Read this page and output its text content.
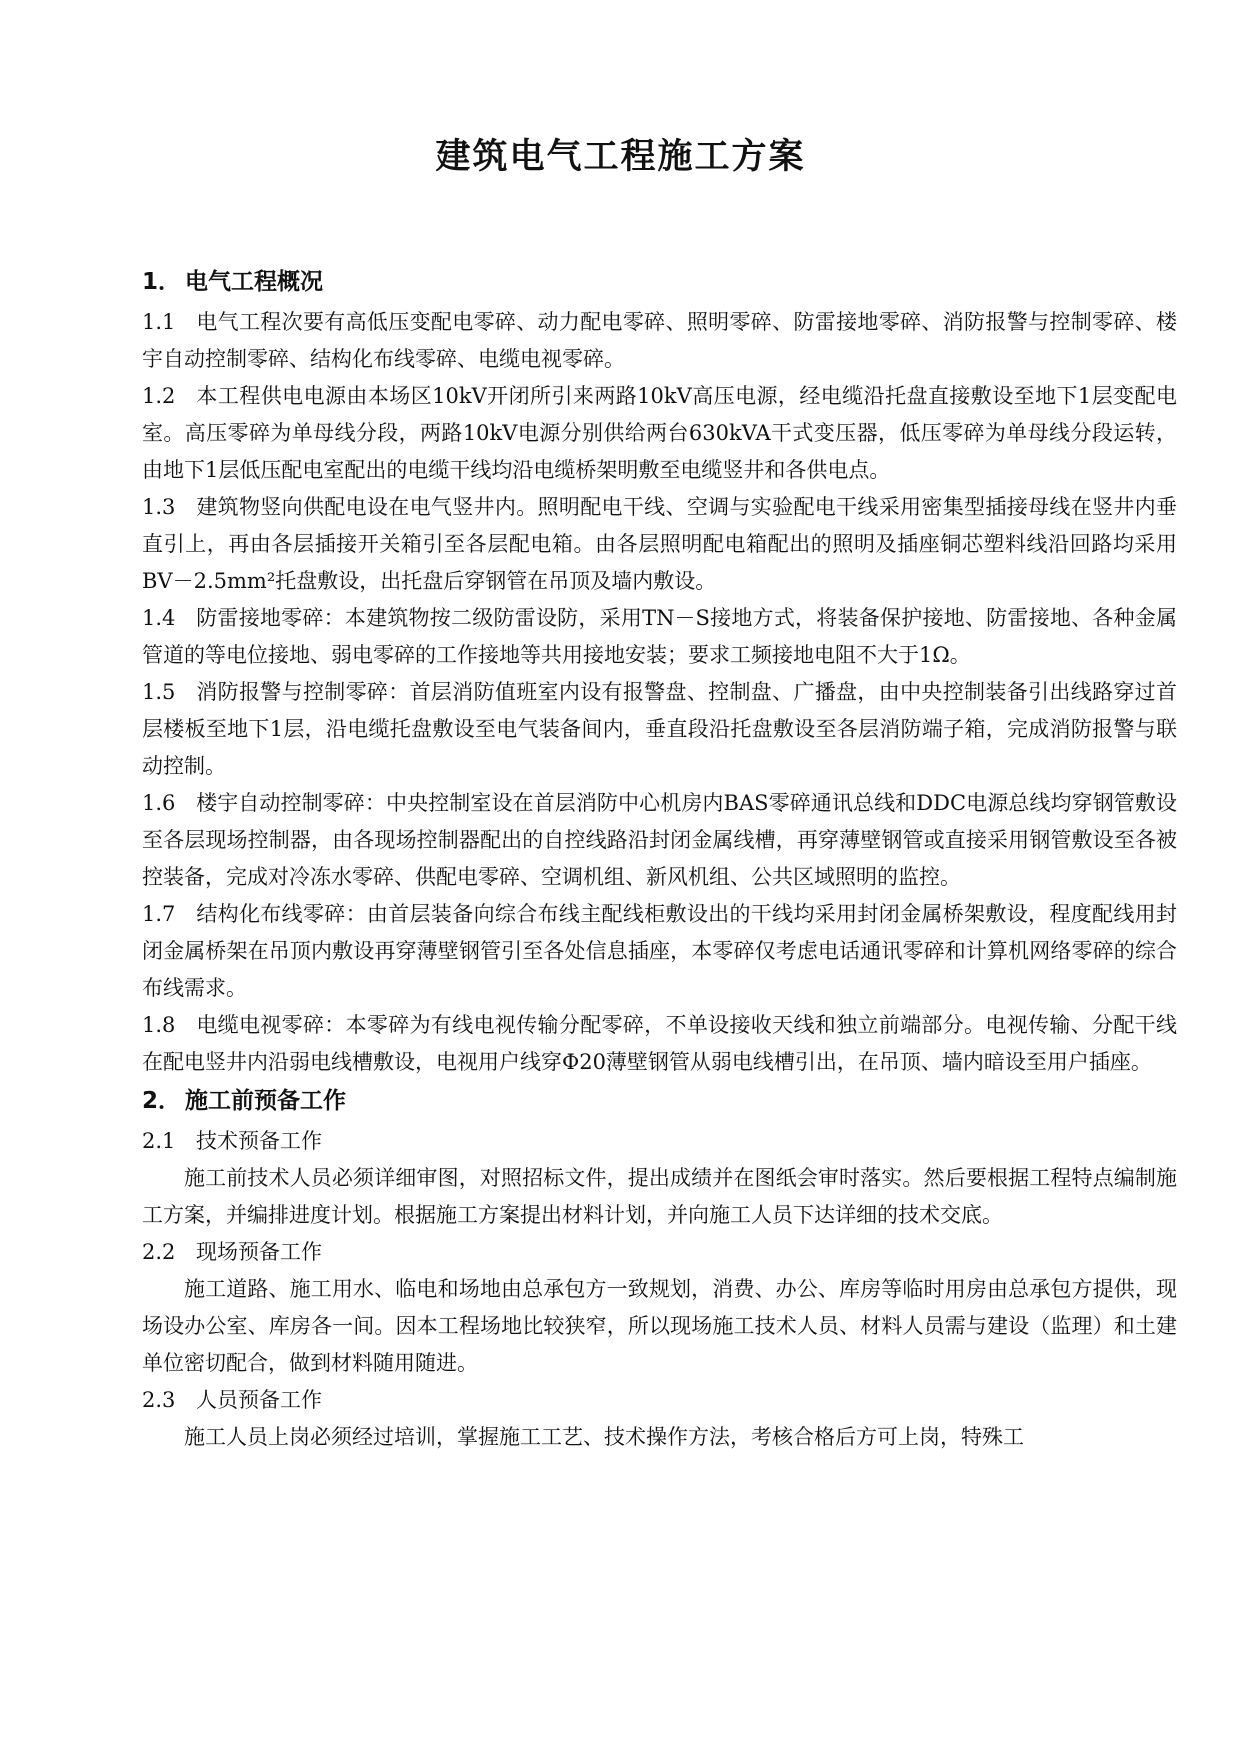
建筑电气工程施工方案
1． 电气工程概况

1.1 电气工程次要有高低压变配电零碎、动力配电零碎、照明零碎、防雷接地零碎、消防报警与控制零碎、楼宇自动控制零碎、结构化布线零碎、电缆电视零碎。

1.2 本工程供电电源由本场区10kV开闭所引来两路10kV高压电源，经电缆沿托盘直接敷设至地下1层变配电室。高压零碎为单母线分段，两路10kV电源分别供给两台630kVA干式变压器，低压零碎为单母线分段运转，由地下1层低压配电室配出的电缆干线均沿电缆桥架明敷至电缆竖井和各供电点。

1.3 建筑物竖向供配电设在电气竖井内。照明配电干线、空调与实验配电干线采用密集型插接母线在竖井内垂直引上，再由各层插接开关箱引至各层配电箱。由各层照明配电箱配出的照明及插座铜芯塑料线沿回路均采用BV－2.5mm²托盘敷设，出托盘后穿钢管在吊顶及墙内敷设。

1.4 防雷接地零碎：本建筑物按二级防雷设防，采用TN－S接地方式，将装备保护接地、防雷接地、各种金属管道的等电位接地、弱电零碎的工作接地等共用接地安装；要求工频接地电阻不大于1Ω。

1.5 消防报警与控制零碎：首层消防值班室内设有报警盘、控制盘、广播盘，由中央控制装备引出线路穿过首层楼板至地下1层，沿电缆托盘敷设至电气装备间内，垂直段沿托盘敷设至各层消防端子箱，完成消防报警与联动控制。

1.6 楼宇自动控制零碎：中央控制室设在首层消防中心机房内BAS零碎通讯总线和DDC电源总线均穿钢管敷设至各层现场控制器，由各现场控制器配出的自控线路沿封闭金属线槽，再穿薄壁钢管或直接采用钢管敷设至各被控装备，完成对冷冻水零碎、供配电零碎、空调机组、新风机组、公共区域照明的监控。

1.7 结构化布线零碎：由首层装备向综合布线主配线柜敷设出的干线均采用封闭金属桥架敷设，程度配线用封闭金属桥架在吊顶内敷设再穿薄壁钢管引至各处信息插座，本零碎仅考虑电话通讯零碎和计算机网络零碎的综合布线需求。

1.8 电缆电视零碎：本零碎为有线电视传输分配零碎，不单设接收天线和独立前端部分。电视传输、分配干线在配电竖井内沿弱电线槽敷设，电视用户线穿Φ20薄壁钢管从弱电线槽引出，在吊顶、墙内暗设至用户插座。

2． 施工前预备工作

2.1 技术预备工作

施工前技术人员必须详细审图，对照招标文件，提出成绩并在图纸会审时落实。然后要根据工程特点编制施工方案，并编排进度计划。根据施工方案提出材料计划，并向施工人员下达详细的技术交底。

2.2 现场预备工作

施工道路、施工用水、临电和场地由总承包方一致规划，消费、办公、库房等临时用房由总承包方提供，现场设办公室、库房各一间。因本工程场地比较狭窄，所以现场施工技术人员、材料人员需与建设（监理）和土建单位密切配合，做到材料随用随进。

2.3 人员预备工作

施工人员上岗必须经过培训，掌握施工工艺、技术操作方法，考核合格后方可上岗，特殊工
